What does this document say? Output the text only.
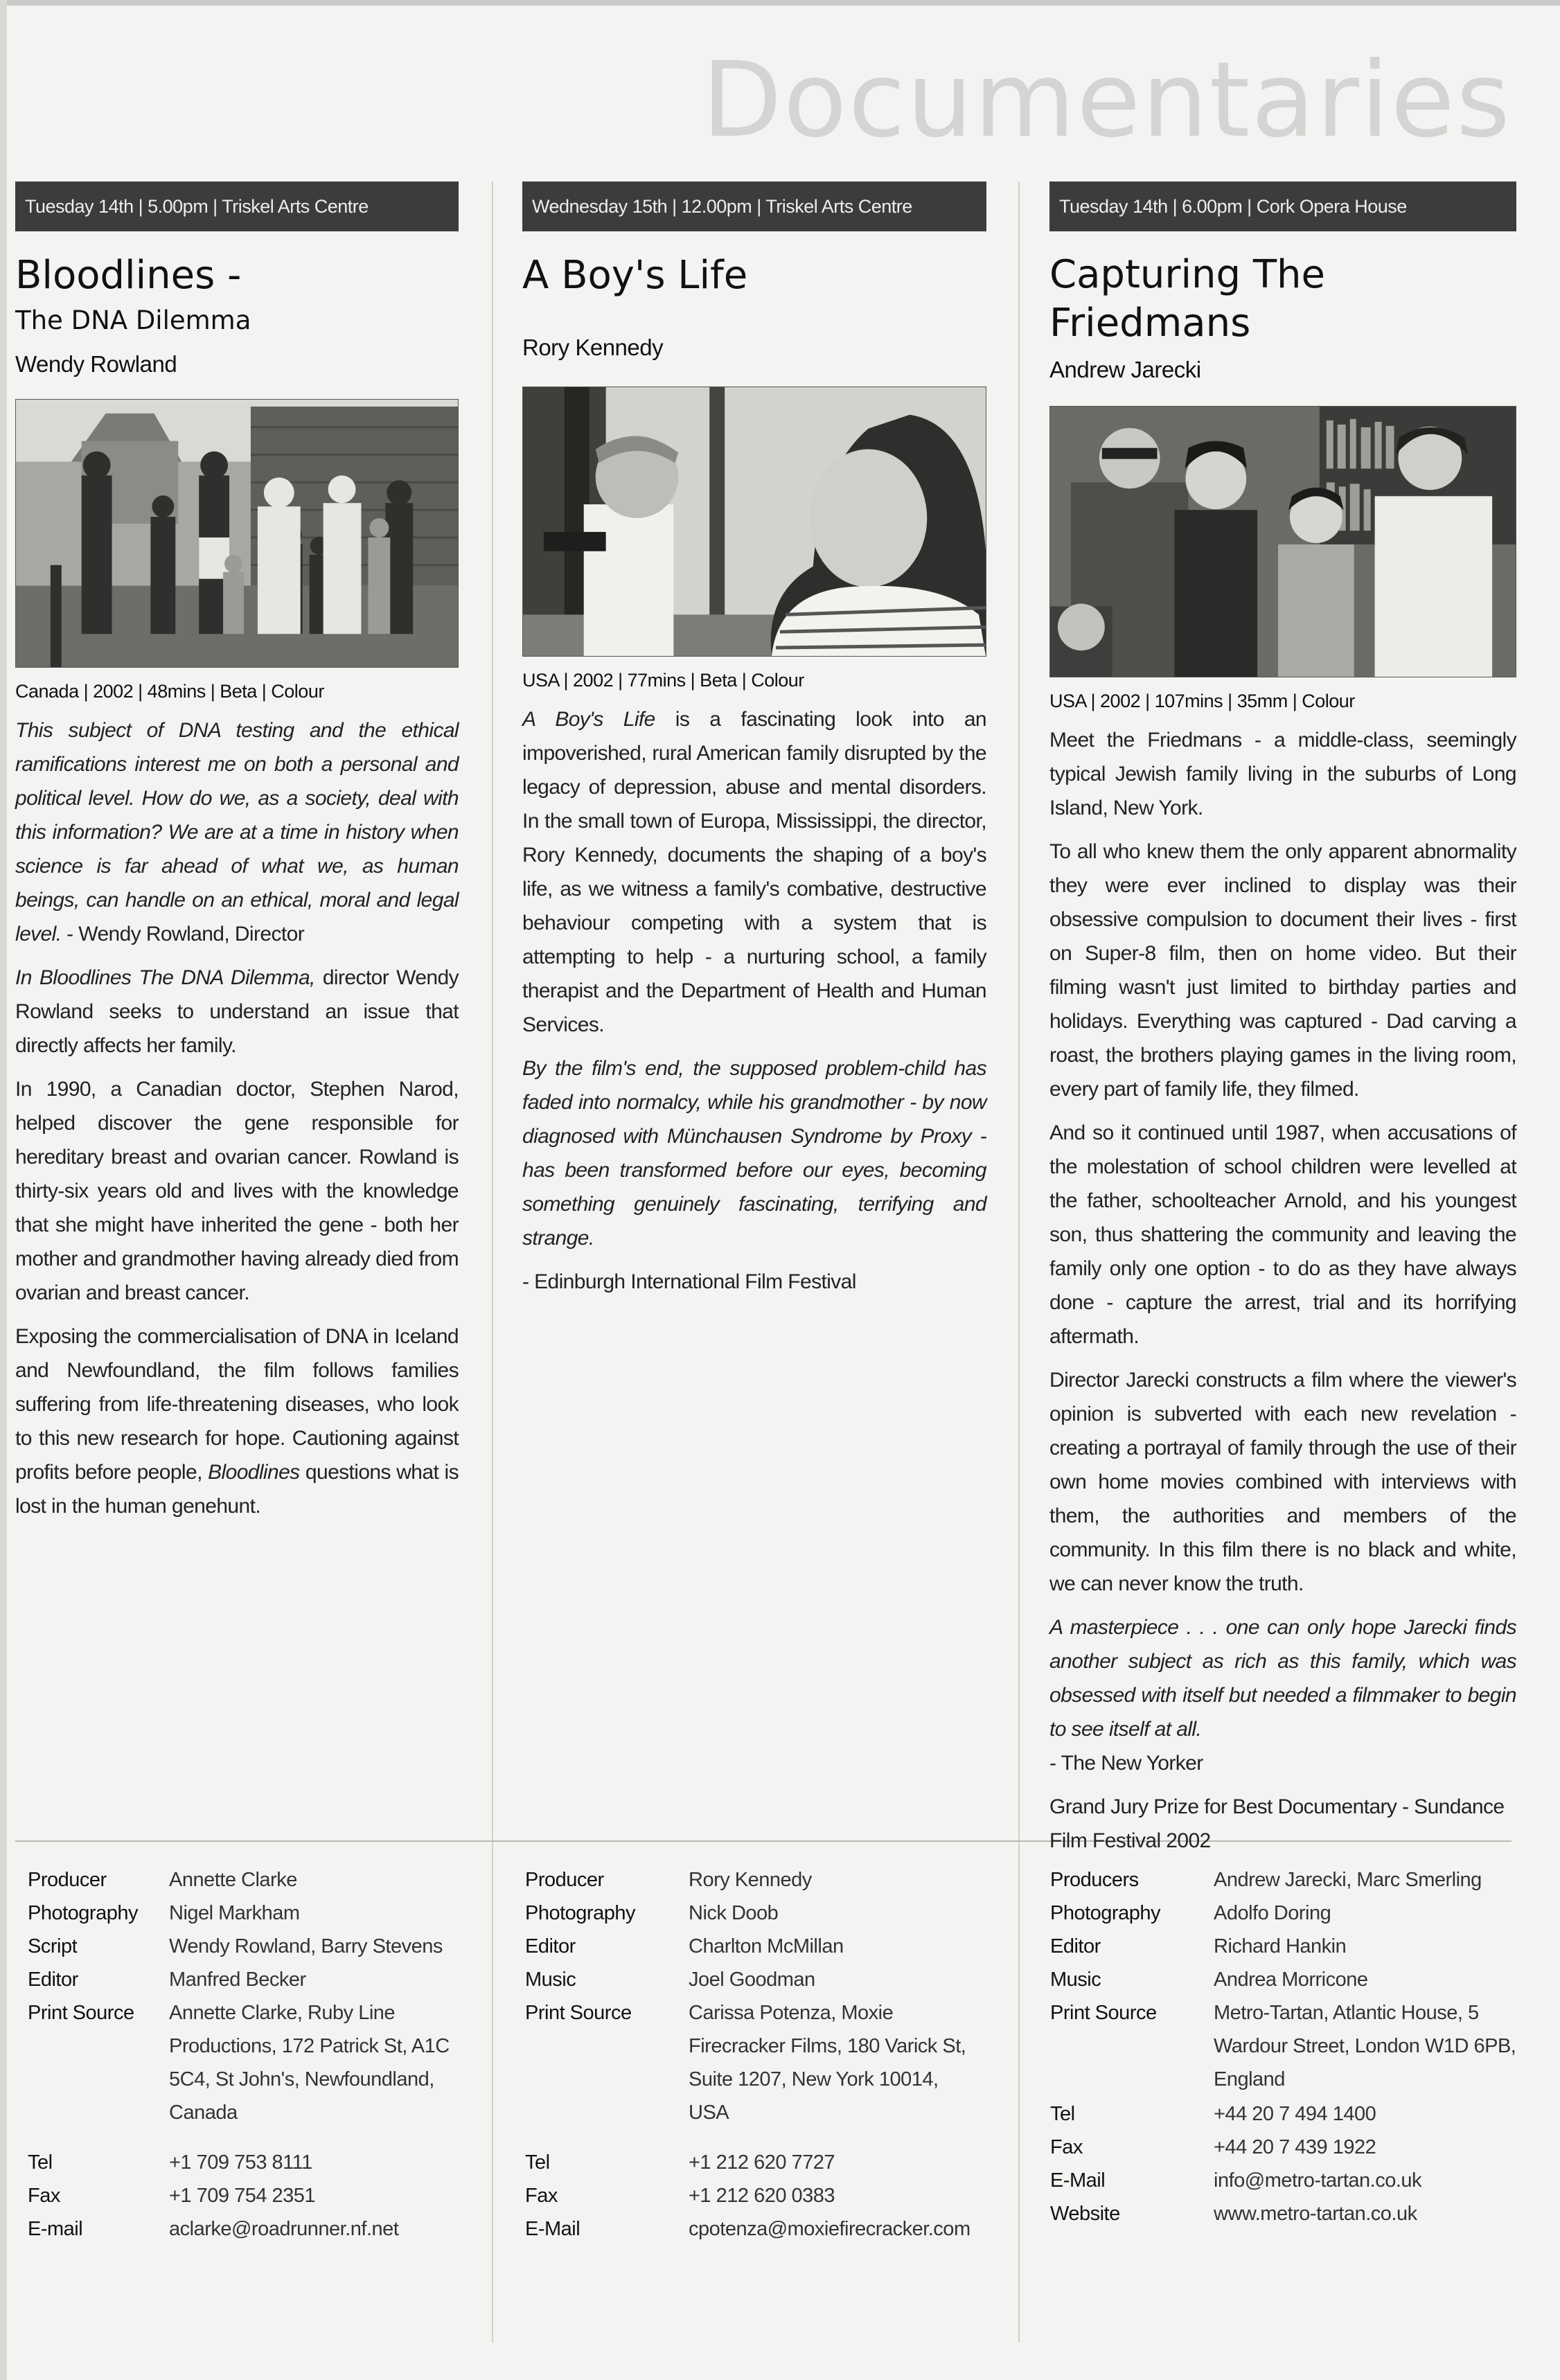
Documentaries
Tuesday 14th | 5.00pm | Triskel Arts Centre
Bloodlines -
The DNA Dilemma
Wendy Rowland
Canada | 2002 | 48mins | Beta | Colour

This subject of DNA testing and the ethical ramifications interest me on both a personal and political level. How do we, as a society, deal with this information? We are at a time in history when science is far ahead of what we, as human beings, can handle on an ethical, moral and legal level. - Wendy Rowland, Director

In Bloodlines The DNA Dilemma, director Wendy Rowland seeks to understand an issue that directly affects her family.

In 1990, a Canadian doctor, Stephen Narod, helped discover the gene responsible for hereditary breast and ovarian cancer. Rowland is thirty-six years old and lives with the knowledge that she might have inherited the gene - both her mother and grandmother having already died from ovarian and breast cancer.

Exposing the commercialisation of DNA in Iceland and Newfoundland, the film follows families suffering from life-threatening diseases, who look to this new research for hope. Cautioning against profits before people, Bloodlines questions what is lost in the human genehunt.

Wednesday 15th | 12.00pm | Triskel Arts Centre
A Boy's Life
Rory Kennedy
USA | 2002 | 77mins | Beta | Colour

A Boy's Life is a fascinating look into an impoverished, rural American family disrupted by the legacy of depression, abuse and mental disorders. In the small town of Europa, Mississippi, the director, Rory Kennedy, documents the shaping of a boy's life, as we witness a family's combative, destructive behaviour competing with a system that is attempting to help - a nurturing school, a family therapist and the Department of Health and Human Services.

By the film's end, the supposed problem-child has faded into normalcy, while his grandmother - by now diagnosed with Münchausen Syndrome by Proxy - has been transformed before our eyes, becoming something genuinely fascinating, terrifying and strange.

- Edinburgh International Film Festival

Tuesday 14th | 6.00pm | Cork Opera House
Capturing The
Friedmans
Andrew Jarecki
USA | 2002 | 107mins | 35mm | Colour

Meet the Friedmans - a middle-class, seemingly typical Jewish family living in the suburbs of Long Island, New York.

To all who knew them the only apparent abnormality they were ever inclined to display was their obsessive compulsion to document their lives - first on Super-8 film, then on home video. But their filming wasn't just limited to birthday parties and holidays. Everything was captured - Dad carving a roast, the brothers playing games in the living room, every part of family life, they filmed.

And so it continued until 1987, when accusations of the molestation of school children were levelled at the father, schoolteacher Arnold, and his youngest son, thus shattering the community and leaving the family only one option - to do as they have always done - capture the arrest, trial and its horrifying aftermath.

Director Jarecki constructs a film where the viewer's opinion is subverted with each new revelation - creating a portrayal of family through the use of their own home movies combined with interviews with them, the authorities and members of the community. In this film there is no black and white, we can never know the truth.

A masterpiece . . . one can only hope Jarecki finds another subject as rich as this family, which was obsessed with itself but needed a filmmaker to begin to see itself at all.
- The New Yorker

Grand Jury Prize for Best Documentary - Sundance Film Festival 2002

Producer	Annette Clarke
Photography	Nigel Markham
Script	Wendy Rowland, Barry Stevens
Editor	Manfred Becker
Print Source	Annette Clarke, Ruby Line Productions, 172 Patrick St, A1C 5C4, St John's, Newfoundland, Canada
Tel	+1 709 753 8111
Fax	+1 709 754 2351
E-mail	aclarke@roadrunner.nf.net
Producer	Rory Kennedy
Photography	Nick Doob
Editor	Charlton McMillan
Music	Joel Goodman
Print Source	Carissa Potenza, Moxie Firecracker Films, 180 Varick St, Suite 1207, New York 10014, USA
Tel	+1 212 620 7727
Fax	+1 212 620 0383
E-Mail	cpotenza@moxiefirecracker.com
Producers	Andrew Jarecki, Marc Smerling
Photography	Adolfo Doring
Editor	Richard Hankin
Music	Andrea Morricone
Print Source	Metro-Tartan, Atlantic House, 5 Wardour Street, London W1D 6PB, England
Tel	+44 20 7 494 1400
Fax	+44 20 7 439 1922
E-Mail	info@metro-tartan.co.uk
Website	www.metro-tartan.co.uk
